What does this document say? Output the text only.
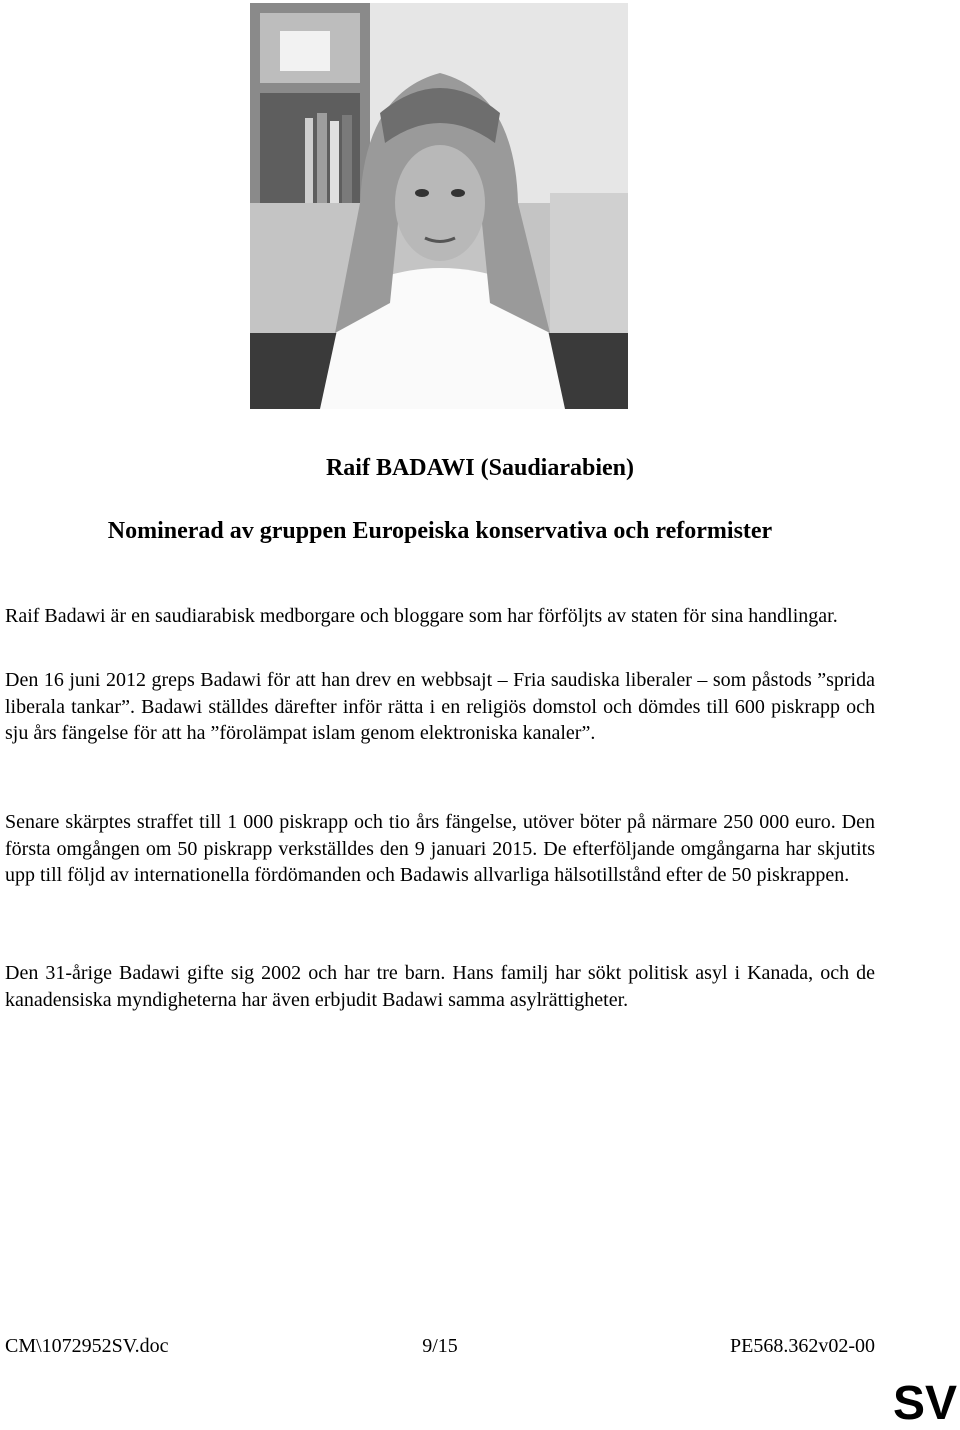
Raif BADAWI (Saudiarabien)
Nominerad av gruppen Europeiska konservativa och reformister

Raif Badawi är en saudiarabisk medborgare och bloggare som har förföljts av staten för sina handlingar.

Den 16 juni 2012 greps Badawi för att han drev en webbsajt – Fria saudiska liberaler – som påstods ”sprida liberala tankar”. Badawi ställdes därefter inför rätta i en religiös domstol och dömdes till 600 piskrapp och sju års fängelse för att ha ”förolämpat islam genom elektroniska kanaler”.

Senare skärptes straffet till 1 000 piskrapp och tio års fängelse, utöver böter på närmare 250 000 euro. Den första omgången om 50 piskrapp verkställdes den 9 januari 2015. De efterföljande omgångarna har skjutits upp till följd av internationella fördömanden och Badawis allvarliga hälsotillstånd efter de 50 piskrappen.

Den 31-årige Badawi gifte sig 2002 och har tre barn. Hans familj har sökt politisk asyl i Kanada, och de kanadensiska myndigheterna har även erbjudit Badawi samma asylrättigheter.

CM\1072952SV.doc	9/15	PE568.362v02-00

SV
